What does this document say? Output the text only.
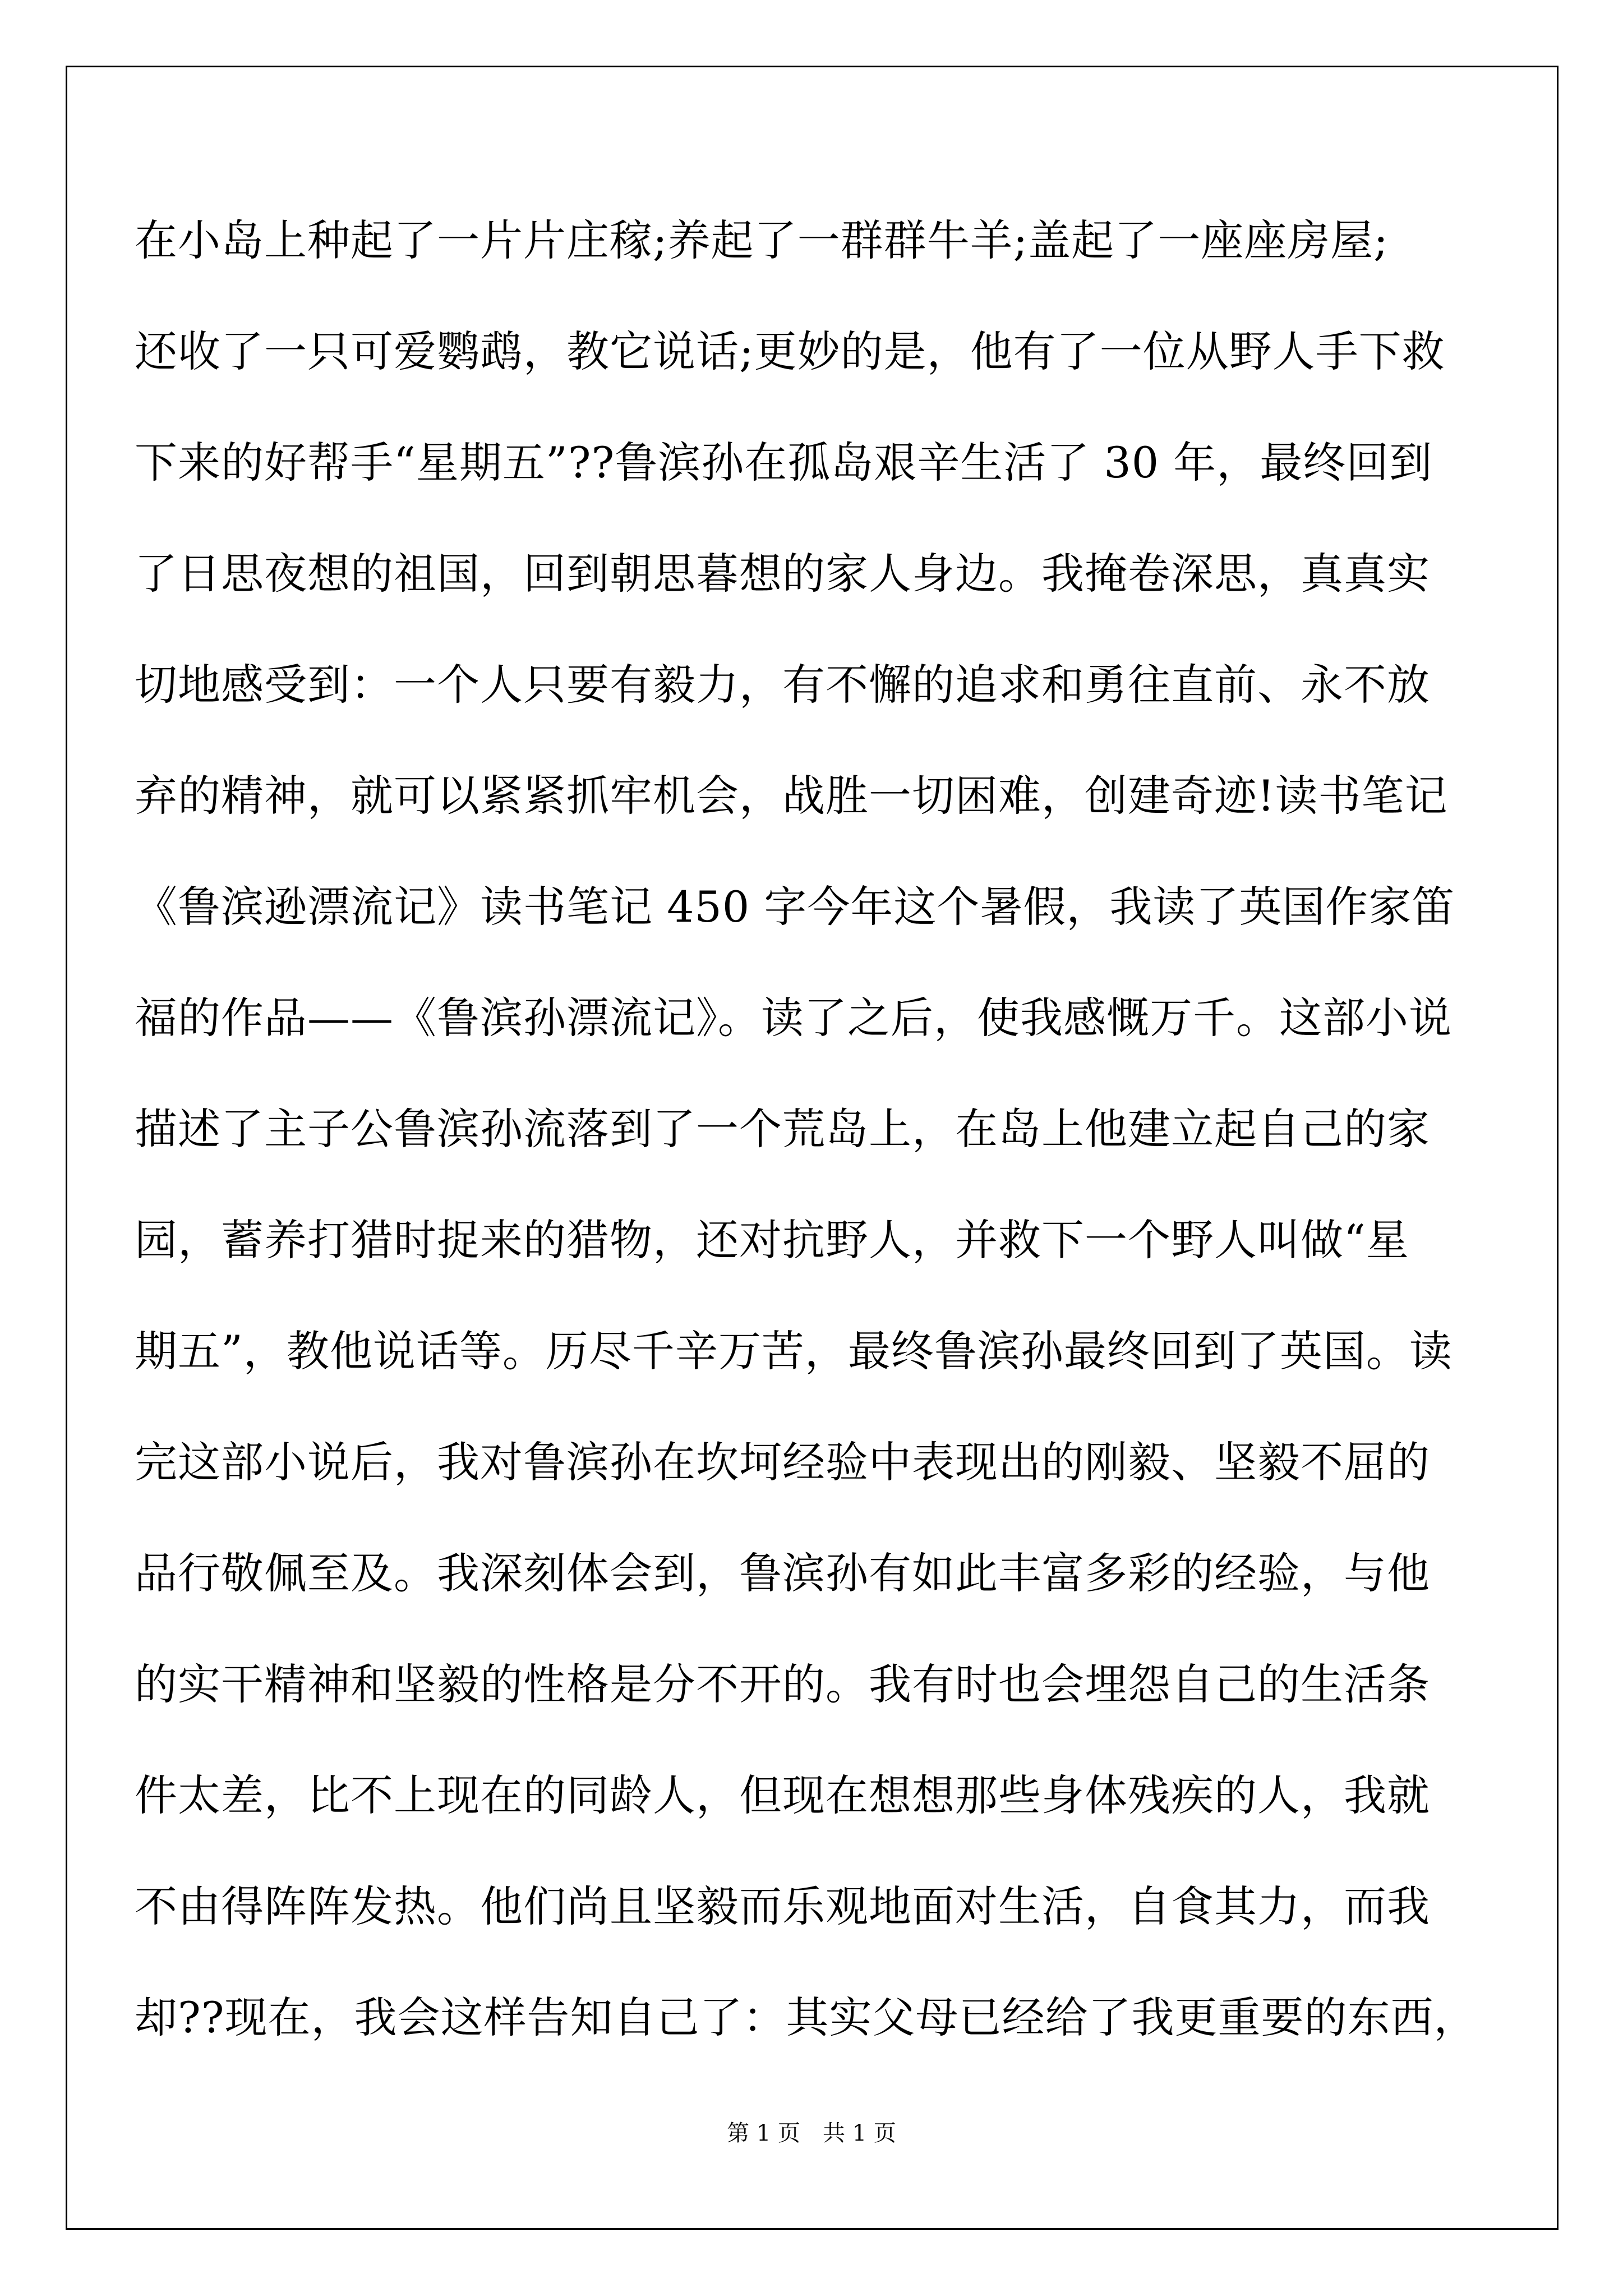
在小岛上种起了一片片庄稼;养起了一群群牛羊;盖起了一座座房屋;
还收了一只可爱鹦鹉，教它说话;更妙的是，他有了一位从野人手下救
下来的好帮手“星期五”??鲁滨孙在孤岛艰辛生活了 30 年，最终回到
了日思夜想的祖国，回到朝思暮想的家人身边。我掩卷深思，真真实
切地感受到：一个人只要有毅力，有不懈的追求和勇往直前、永不放
弃的精神，就可以紧紧抓牢机会，战胜一切困难，创建奇迹!读书笔记
《鲁滨逊漂流记》读书笔记 450 字今年这个暑假，我读了英国作家笛
福的作品——《鲁滨孙漂流记》。读了之后，使我感慨万千。这部小说
描述了主子公鲁滨孙流落到了一个荒岛上，在岛上他建立起自己的家
园，蓄养打猎时捉来的猎物，还对抗野人，并救下一个野人叫做“星
期五”，教他说话等。历尽千辛万苦，最终鲁滨孙最终回到了英国。读
完这部小说后，我对鲁滨孙在坎坷经验中表现出的刚毅、坚毅不屈的
品行敬佩至及。我深刻体会到，鲁滨孙有如此丰富多彩的经验，与他
的实干精神和坚毅的性格是分不开的。我有时也会埋怨自己的生活条
件太差，比不上现在的同龄人，但现在想想那些身体残疾的人，我就
不由得阵阵发热。他们尚且坚毅而乐观地面对生活，自食其力，而我
却??现在，我会这样告知自己了：其实父母已经给了我更重要的东西，
第 1 页　共 1 页
